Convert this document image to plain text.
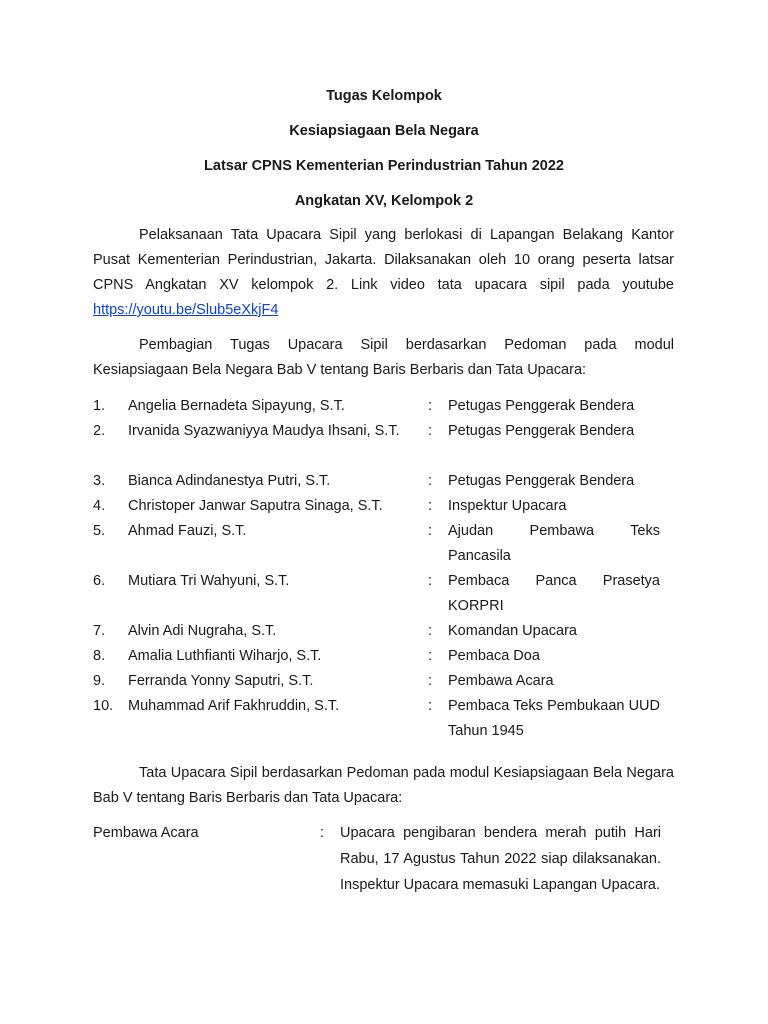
Tugas Kelompok
Kesiapsiagaan Bela Negara
Latsar CPNS Kementerian Perindustrian Tahun 2022
Angkatan XV, Kelompok 2

Pelaksanaan Tata Upacara Sipil yang berlokasi di Lapangan Belakang Kantor Pusat Kementerian Perindustrian, Jakarta. Dilaksanakan oleh 10 orang peserta latsar CPNS Angkatan XV kelompok 2. Link video tata upacara sipil pada youtube https://youtu.be/Slub5eXkjF4

Pembagian Tugas Upacara Sipil berdasarkan Pedoman pada modul Kesiapsiagaan Bela Negara Bab V tentang Baris Berbaris dan Tata Upacara:

1.	Angelia Bernadeta Sipayung, S.T.	: Petugas Penggerak Bendera
2.	Irvanida Syazwaniyya Maudya Ihsani, S.T.	: Petugas Penggerak Bendera
3.	Bianca Adindanestya Putri, S.T.	: Petugas Penggerak Bendera
4.	Christoper Janwar Saputra Sinaga, S.T.	: Inspektur Upacara
5.	Ahmad Fauzi, S.T.	: Ajudan Pembawa Teks Pancasila
6.	Mutiara Tri Wahyuni, S.T.	: Pembaca Panca Prasetya KORPRI
7.	Alvin Adi Nugraha, S.T.	: Komandan Upacara
8.	Amalia Luthfianti Wiharjo, S.T.	: Pembaca Doa
9.	Ferranda Yonny Saputri, S.T.	: Pembawa Acara
10.	Muhammad Arif Fakhruddin, S.T.	: Pembaca Teks Pembukaan UUD Tahun 1945

Tata Upacara Sipil berdasarkan Pedoman pada modul Kesiapsiagaan Bela Negara Bab V tentang Baris Berbaris dan Tata Upacara:

Pembawa Acara	: Upacara pengibaran bendera merah putih Hari Rabu, 17 Agustus Tahun 2022 siap dilaksanakan. Inspektur Upacara memasuki Lapangan Upacara.
